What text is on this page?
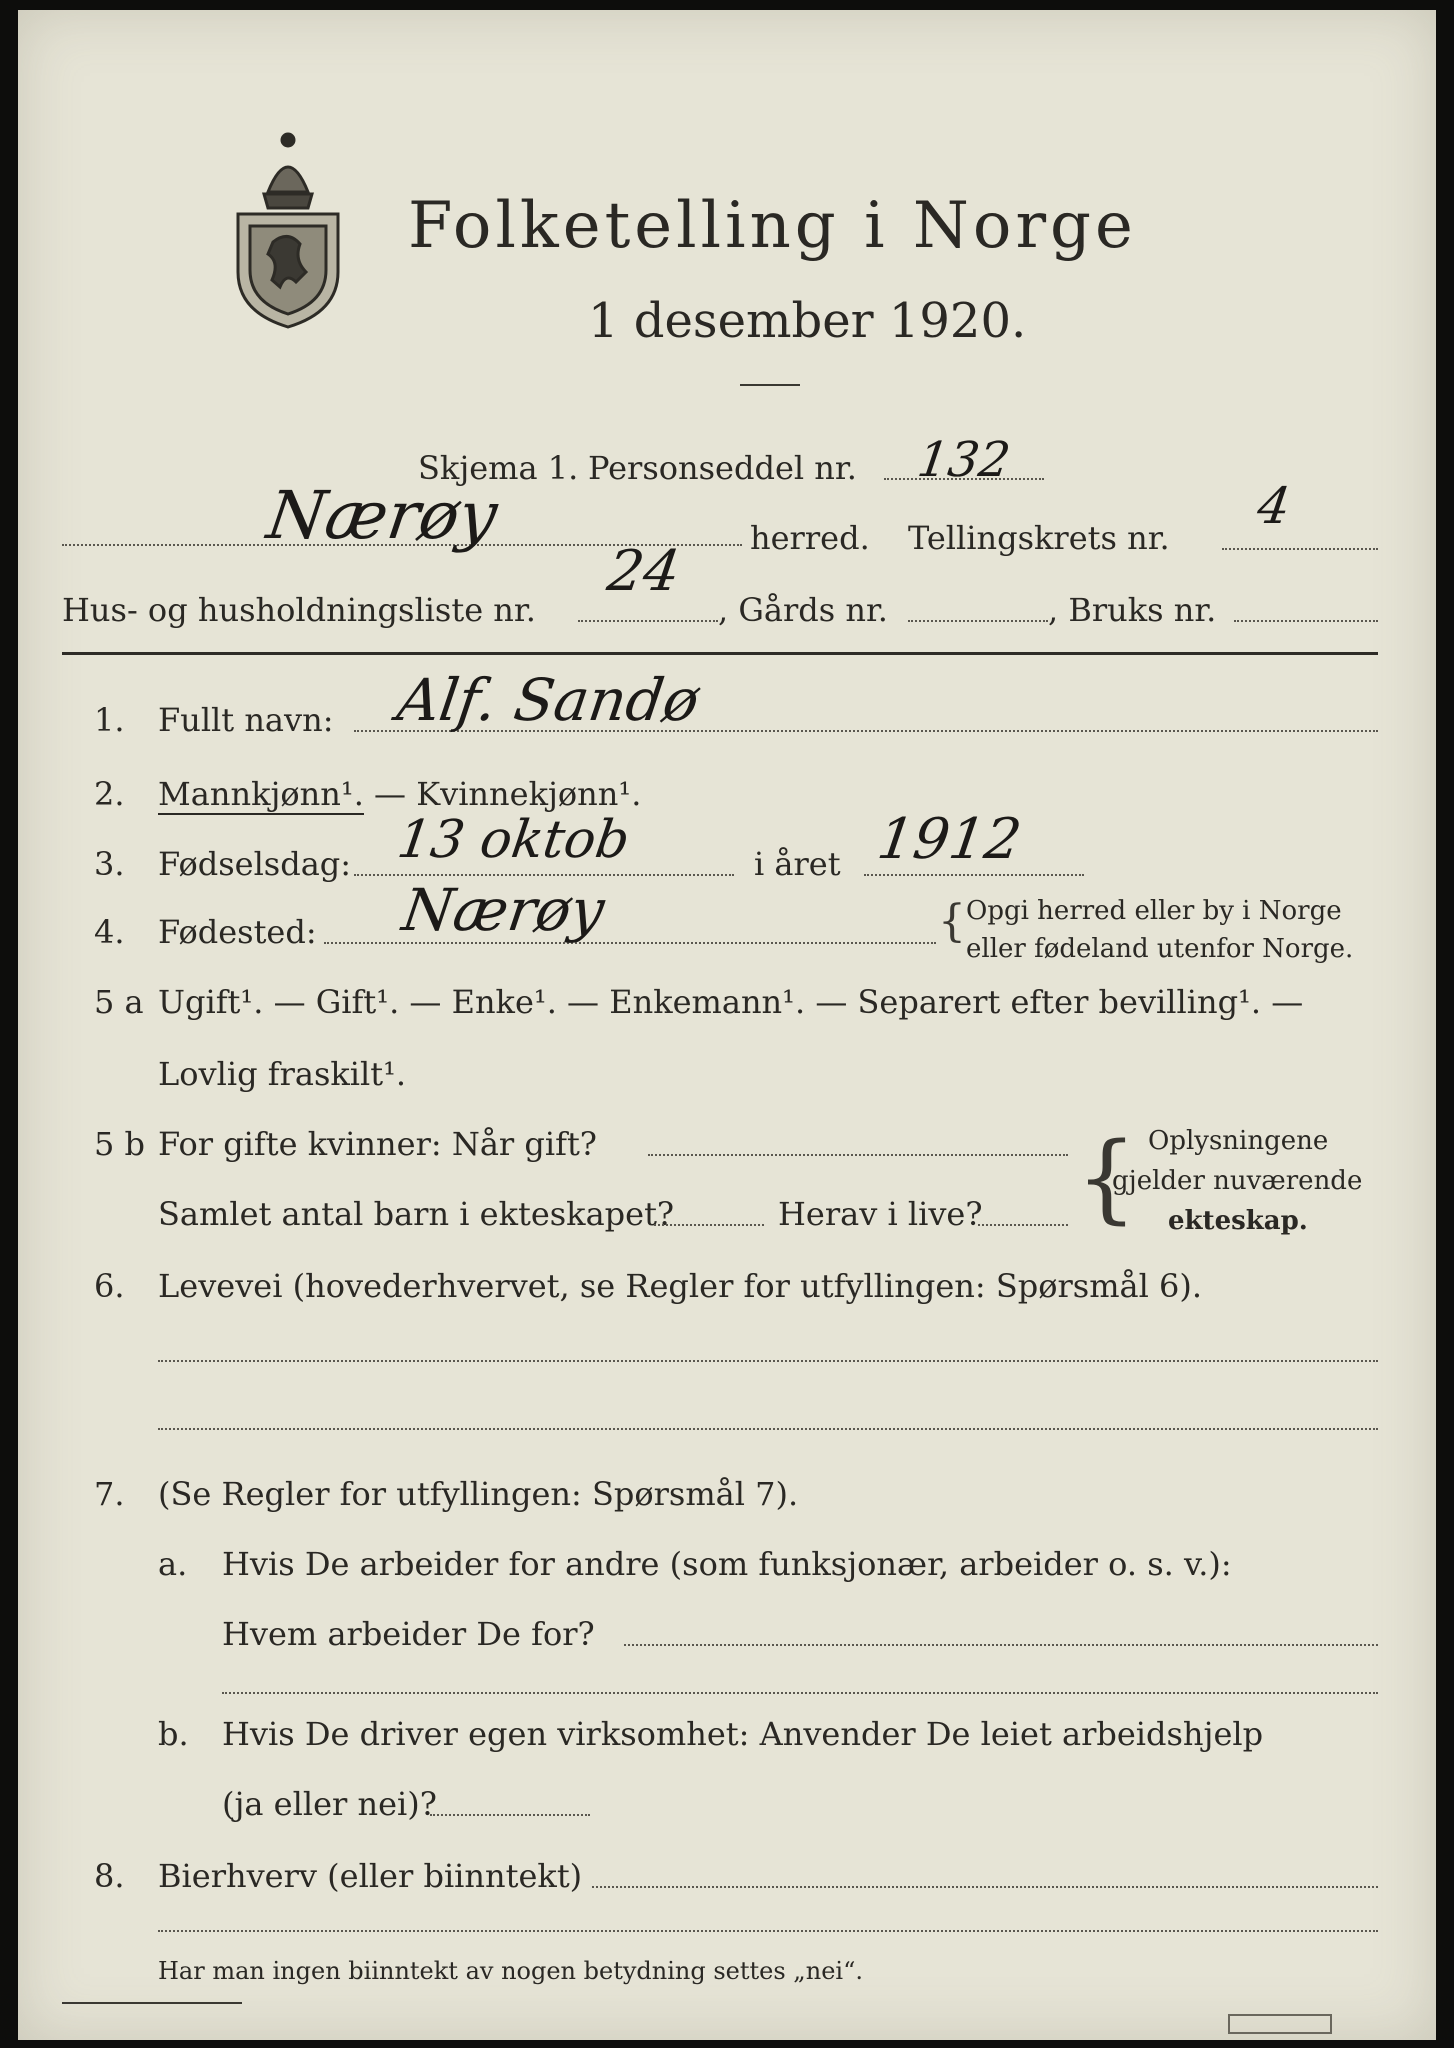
Folketelling i Norge
1 desember 1920.
Skjema 1. Personseddel nr. 132
Nærøy	herred. Tellingskrets nr.
4
Hus- og husholdningsliste nr.
24
, Gårds nr.	, Bruks nr.
1. Fullt navn: Alf. Sandø
2. Mannkjønn¹. — Kvinnekjønn¹.
3. Fødselsdag: 13 oktob	i året 1912
4. Fødested: Nærøy	{ Opgi herred eller by i Norge
eller fødeland utenfor Norge.
5 a Ugift¹. — Gift¹. — Enke¹. — Enkemann¹. — Separert efter bevilling¹. —
Lovlig fraskilt¹.
5 b For gifte kvinner: Når gift?
Samlet antal barn i ekteskapet?	Herav i live? { Oplysningene
gjelder nuværende
ekteskap.
6. Levevei (hovederhvervet, se Regler for utfyllingen: Spørsmål 6).
7. (Se Regler for utfyllingen: Spørsmål 7).
a. Hvis De arbeider for andre (som funksjonær, arbeider o. s. v.):
Hvem arbeider De for?
b. Hvis De driver egen virksomhet: Anvender De leiet arbeidshjelp
(ja eller nei)?
8. Bierhverv (eller biinntekt)
Har man ingen biinntekt av nogen betydning settes „nei“.
